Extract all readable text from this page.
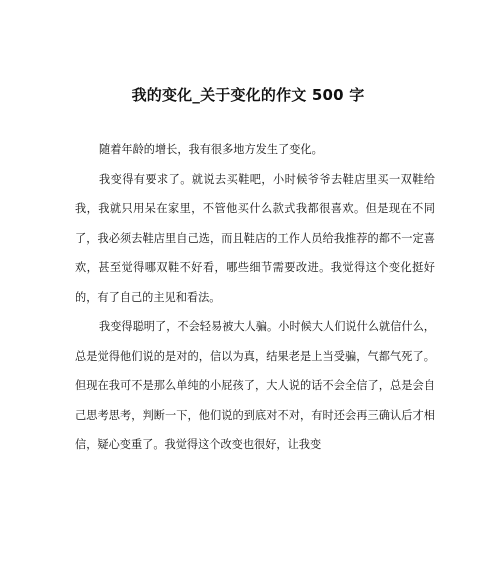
我的变化_关于变化的作文 500 字

随着年龄的增长，我有很多地方发生了变化。

我变得有要求了。就说去买鞋吧，小时候爷爷去鞋店里买一双鞋给我，我就只用呆在家里，不管他买什么款式我都很喜欢。但是现在不同了，我必须去鞋店里自己选，而且鞋店的工作人员给我推荐的都不一定喜欢，甚至觉得哪双鞋不好看，哪些细节需要改进。我觉得这个变化挺好的，有了自己的主见和看法。

我变得聪明了，不会轻易被大人骗。小时候大人们说什么就信什么，总是觉得他们说的是对的，信以为真，结果老是上当受骗，气都气死了。但现在我可不是那么单纯的小屁孩了，大人说的话不会全信了，总是会自己思考思考，判断一下，他们说的到底对不对，有时还会再三确认后才相信，疑心变重了。我觉得这个改变也很好，让我变
